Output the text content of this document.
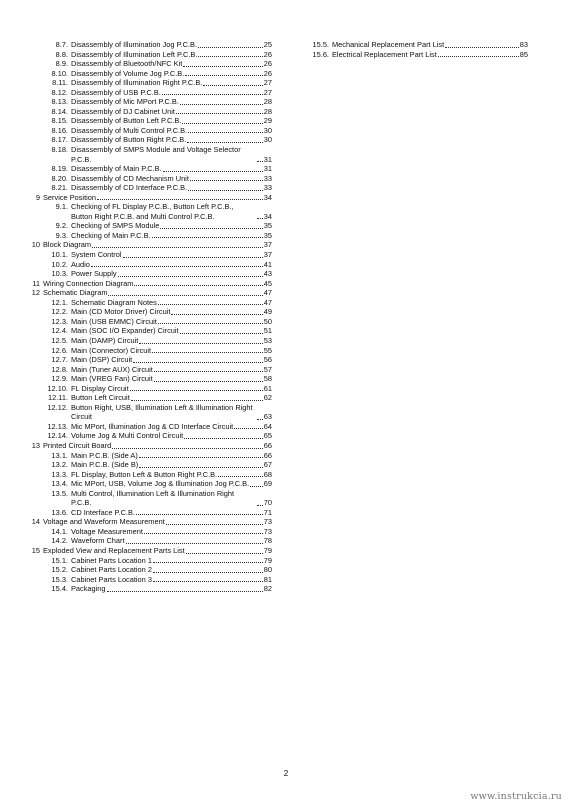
8.7. Disassembly of Illumination Jog P.C.B.	25
8.8. Disassembly of Illumination Left P.C.B.	26
8.9. Disassembly of Bluetooth/NFC Kit	26
8.10. Disassembly of Volume Jog P.C.B.	26
8.11. Disassembly of Illumination Right P.C.B.	27
8.12. Disassembly of USB P.C.B.	27
8.13. Disassembly of Mic MPort P.C.B.	28
8.14. Disassembly of DJ Cabinet Unit	28
8.15. Disassembly of Button Left P.C.B.	29
8.16. Disassembly of Multi Control P.C.B.	30
8.17. Disassembly of Button Right P.C.B.	30
8.18. Disassembly of SMPS Module and Voltage Selector P.C.B.	31
8.19. Disassembly of Main P.C.B.	31
8.20. Disassembly of CD Mechanism Unit	33
8.21. Disassembly of CD Interface P.C.B.	33
9 Service Position	34
9.1. Checking of FL Display P.C.B., Button Left P.C.B., Button Right P.C.B. and Multi Control P.C.B.	34
9.2. Checking of SMPS Module	35
9.3. Checking of Main P.C.B.	35
10 Block Diagram	37
10.1. System Control	37
10.2. Audio	41
10.3. Power Supply	43
11 Wiring Connection Diagram	45
12 Schematic Diagram	47
12.1. Schematic Diagram Notes	47
12.2. Main (CD Motor Driver) Circuit	49
12.3. Main (USB EMMC) Circuit	50
12.4. Main (SOC I/O Expander) Circuit	51
12.5. Main (DAMP) Circuit	53
12.6. Main (Connector) Circuit	55
12.7. Main (DSP) Circuit	56
12.8. Main (Tuner AUX) Circuit	57
12.9. Main (VREG Fan) Circuit	58
12.10. FL Display Circuit	61
12.11. Button Left Circuit	62
12.12. Button Right, USB, Illumination Left & Illumination Right Circuit	63
12.13. Mic MPort, Illumination Jog & CD Interface Circuit	64
12.14. Volume Jog & Multi Control Circuit	65
13 Printed Circuit Board	66
13.1. Main P.C.B. (Side A)	66
13.2. Main P.C.B. (Side B)	67
13.3. FL Display, Button Left & Button Right P.C.B.	68
13.4. Mic MPort, USB, Volume Jog & Illumination Jog P.C.B. 69
13.5. Multi Control, Illumination Left & Illumination Right P.C.B.	70
13.6. CD Interface P.C.B.	71
14 Voltage and Waveform Measurement	73
14.1. Voltage Measurement	73
14.2. Waveform Chart	78
15 Exploded View and Replacement Parts List	79
15.1. Cabinet Parts Location 1	79
15.2. Cabinet Parts Location 2	80
15.3. Cabinet Parts Location 3	81
15.4. Packaging	82
15.5. Mechanical Replacement Part List	83
15.6. Electrical Replacement Part List	85
2
www.instrukcia.ru
